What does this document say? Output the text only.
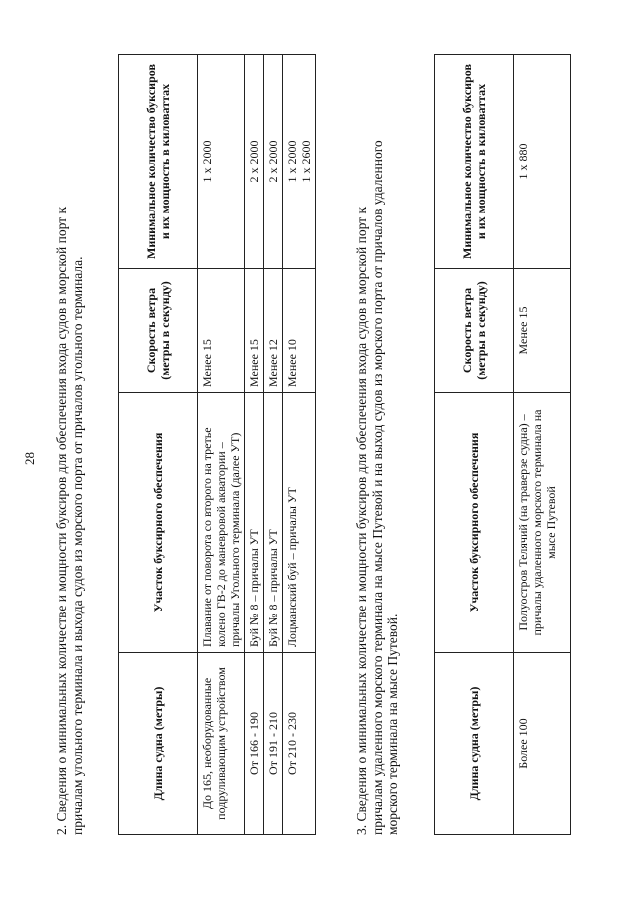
28 2. Сведения о минимальных количестве и мощности буксиров для обеспечения входа судов в морской порт к причалам угольного терминала и выхода судов из морского порта от причалов угольного терминала.	Длина судна (метры)	Участок буксирного обеспечения	Скорость ветра (метры в секунду)	Минимальное количество буксиров и их мощность в киловаттах
До 165, необорудованные подруливающим устройством	Плавание от поворота со второго на третье колено ГВ-2 до маневровой акватории – причалы Угольного терминала (далее УТ)	Менее 15	1 х 2000
От 166 - 190	Буй № 8 – причалы УТ	Менее 15	2 х 2000
От 191 - 210	Буй № 8 – причалы УТ	Менее 12	2 х 2000
От 210 - 230	Лоцманский буй – причалы УТ	Менее 10	1 х 2000
1 х 2600
3. Сведения о минимальных количестве и мощности буксиров для обеспечения входа судов в морской порт к причалам удаленного морского терминала на мысе Путевой и на выход судов из морского порта от причалов удаленного морского терминала на мысе Путевой.	Длина судна (метры)	Участок буксирного обеспечения	Скорость ветра (метры в секунду)	Минимальное количество буксиров и их мощность в киловаттах
Более 100	Полуостров Телячий (на траверзе судна) – причалы удаленного морского терминала на мысе Путевой	Менее 15	1 х 880
